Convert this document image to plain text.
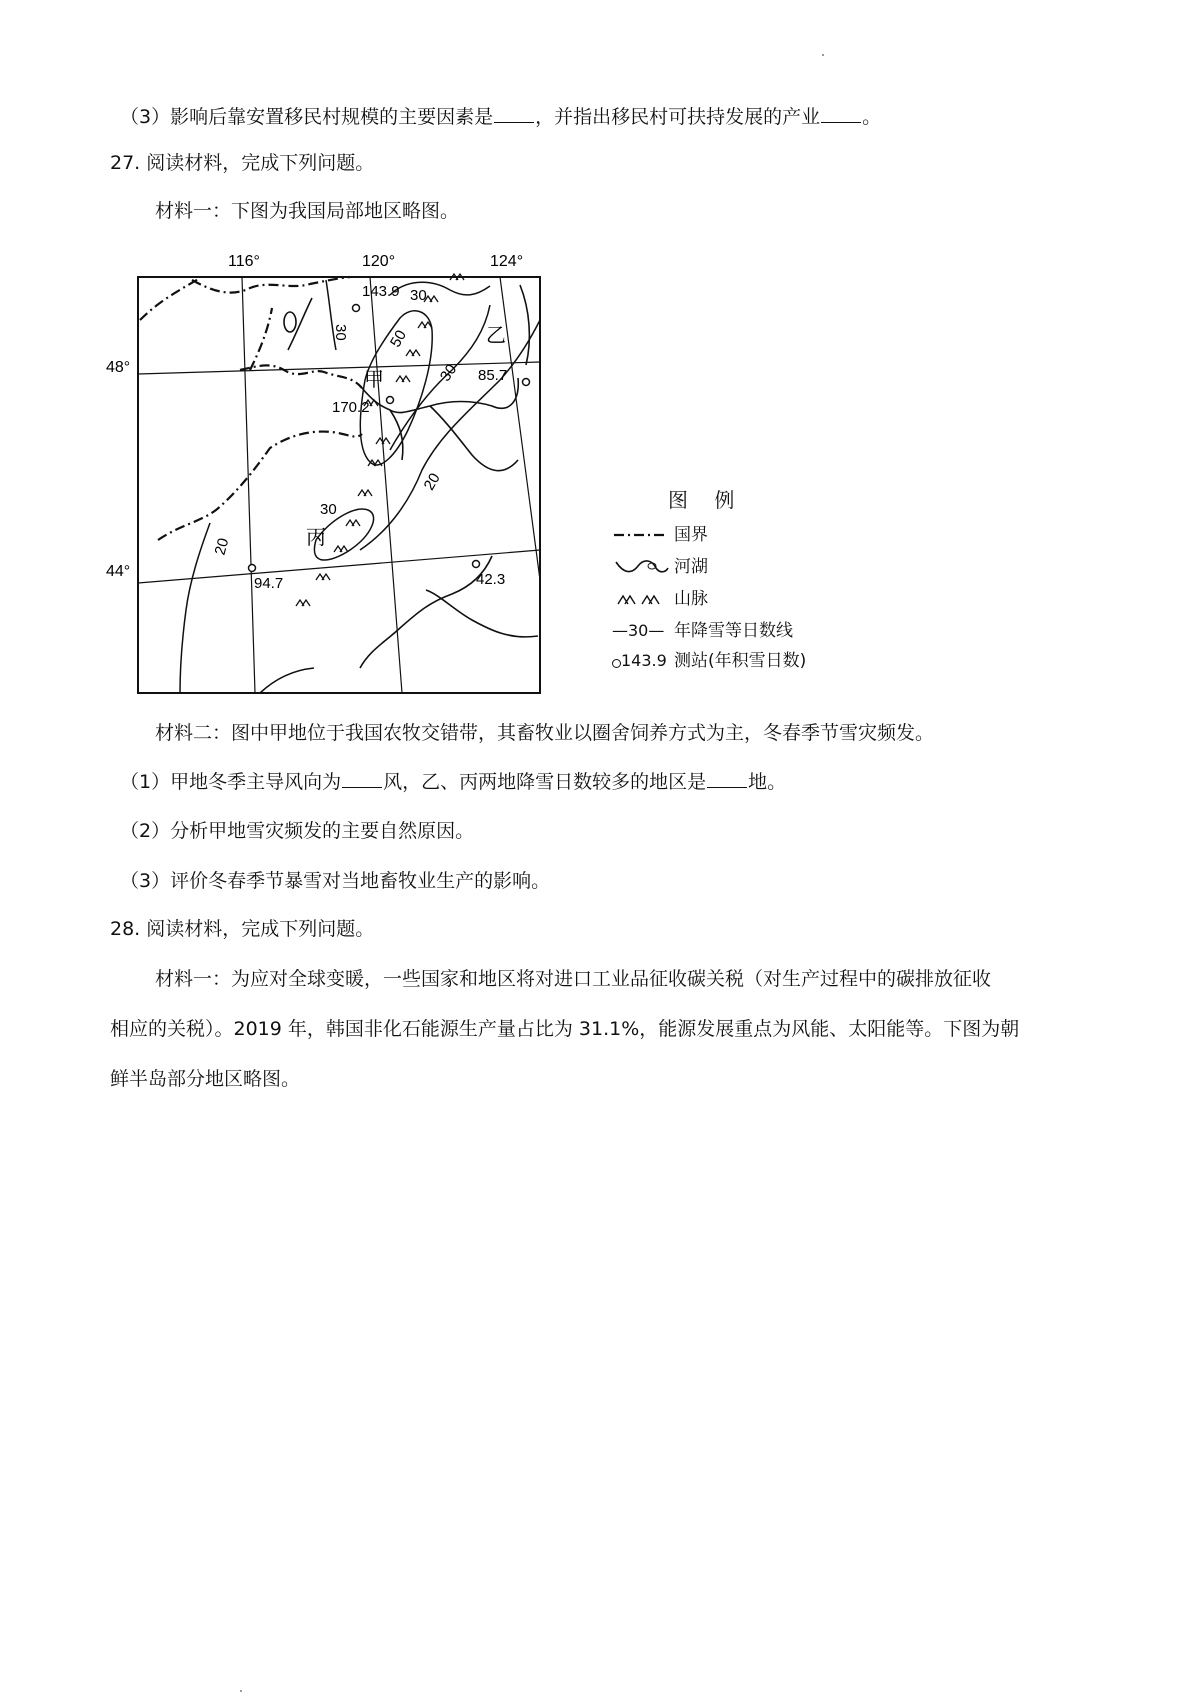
（3）影响后靠安置移民村规模的主要因素是 ，并指出移民村可扶持发展的产业 。
27. 阅读材料，完成下列问题。
材料一：下图为我国局部地区略图。
116°	120°	124°
48°
44°
30
30	50
30
20
30
20
143.9
170.2
85.7
94.7	42.3
甲
乙
丙
图 例
国界
河湖
山脉
—30— 年降雪等日数线
143.9 测站(年积雪日数)
材料二：图中甲地位于我国农牧交错带，其畜牧业以圈舍饲养方式为主，冬春季节雪灾频发。
（1）甲地冬季主导风向为 风，乙、丙两地降雪日数较多的地区是 地。
（2）分析甲地雪灾频发的主要自然原因。
（3）评价冬春季节暴雪对当地畜牧业生产的影响。
28. 阅读材料，完成下列问题。
材料一：为应对全球变暖，一些国家和地区将对进口工业品征收碳关税（对生产过程中的碳排放征收
相应的关税）。2019 年，韩国非化石能源生产量占比为 31.1%，能源发展重点为风能、太阳能等。下图为朝
鲜半岛部分地区略图。
